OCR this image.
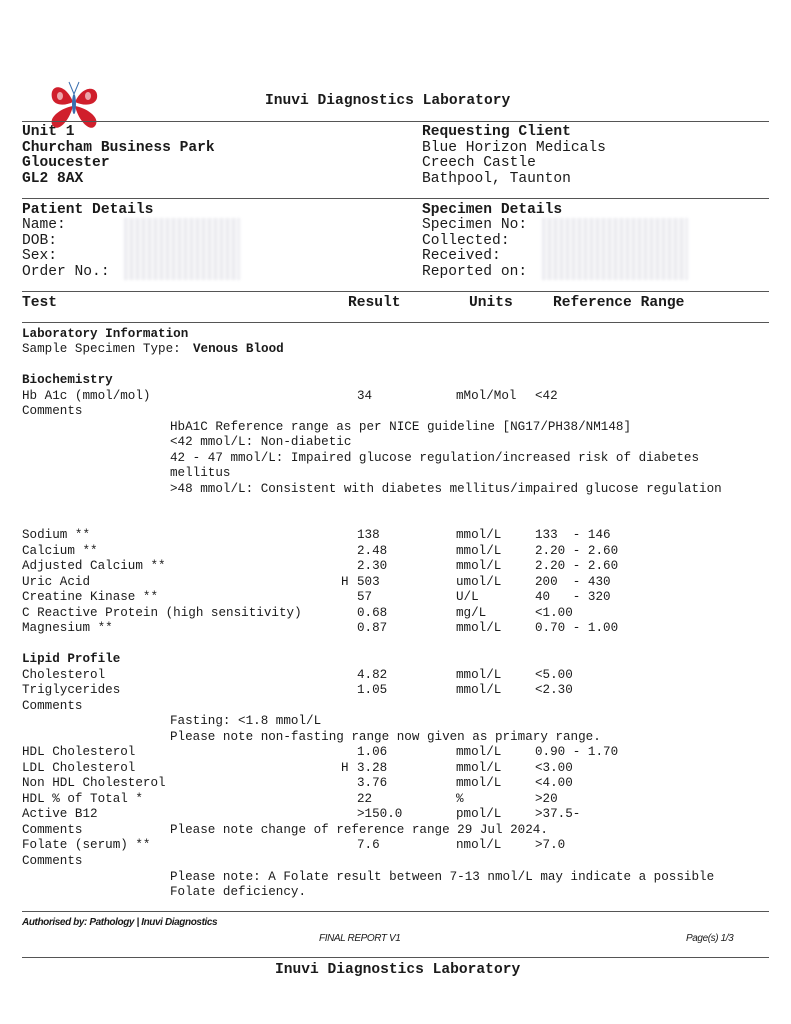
Inuvi Diagnostics Laboratory
Unit 1
Churcham Business Park
Gloucester
GL2 8AX
Requesting Client
Blue Horizon Medicals
Creech Castle
Bathpool, Taunton
Patient Details
Name:
DOB:
Sex:
Order No.:
Specimen Details
Specimen No:
Collected:
Received:
Reported on:
Test	Result	Units	Reference Range
Laboratory Information
Sample Specimen Type: Venous Blood
Biochemistry
Hb A1c (mmol/mol)	34	mMol/Mol <42
Comments
HbA1C Reference range as per NICE guideline [NG17/PH38/NM148]
<42 mmol/L: Non-diabetic
42 - 47 mmol/L: Impaired glucose regulation/increased risk of diabetes
mellitus
>48 mmol/L: Consistent with diabetes mellitus/impaired glucose regulation
Sodium **	138	mmol/L	133  - 146
Calcium **	2.48	mmol/L	2.20 - 2.60
Adjusted Calcium **	2.30	mmol/L	2.20 - 2.60
Uric Acid	H 503	umol/L	200  - 430
Creatine Kinase **	57	U/L	40   - 320
C Reactive Protein (high sensitivity)	0.68	mg/L	<1.00
Magnesium **	0.87	mmol/L	0.70 - 1.00
Lipid Profile
Cholesterol	4.82	mmol/L	<5.00
Triglycerides	1.05	mmol/L	<2.30
Comments
Fasting: <1.8 mmol/L
Please note non-fasting range now given as primary range.
HDL Cholesterol	1.06	mmol/L	0.90 - 1.70
LDL Cholesterol	H 3.28	mmol/L	<3.00
Non HDL Cholesterol	3.76	mmol/L	<4.00
HDL % of Total *	22	%	>20
Active B12	>150.0	pmol/L	>37.5-
Comments	Please note change of reference range 29 Jul 2024.
Folate (serum) **	7.6	nmol/L	>7.0
Comments
Please note: A Folate result between 7-13 nmol/L may indicate a possible
Folate deficiency.
Authorised by: Pathology | Inuvi Diagnostics
FINAL REPORT V1	Page(s) 1/3
Inuvi Diagnostics Laboratory
